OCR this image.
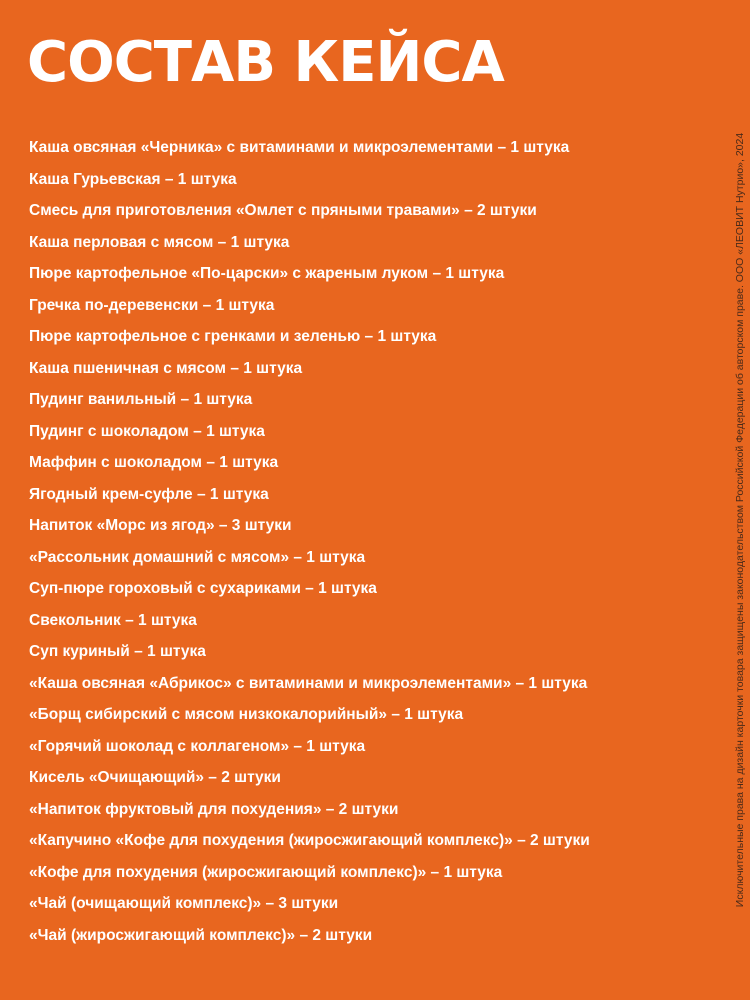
СОСТАВ КЕЙСА
Каша овсяная «Черника» с витаминами и микроэлементами – 1 штука
Каша Гурьевская – 1 штука
Смесь для приготовления «Омлет с пряными травами» – 2 штуки
Каша перловая с мясом – 1 штука
Пюре картофельное «По-царски» с жареным луком – 1 штука
Гречка по-деревенски – 1 штука
Пюре картофельное с гренками и зеленью – 1 штука
Каша пшеничная с мясом – 1 штука
Пудинг ванильный – 1 штука
Пудинг с шоколадом – 1 штука
Маффин с шоколадом – 1 штука
Ягодный крем-суфле – 1 штука
Напиток «Морс из ягод» – 3 штуки
«Рассольник домашний с мясом» – 1 штука
Суп-пюре гороховый с сухариками – 1 штука
Свекольник – 1 штука
Суп куриный – 1 штука
«Каша овсяная «Абрикос» с витаминами и микроэлементами» – 1 штука
«Борщ сибирский с мясом низкокалорийный» – 1 штука
«Горячий шоколад с коллагеном» – 1 штука
Кисель «Очищающий» – 2 штуки
«Напиток фруктовый для похудения» – 2 штуки
«Капучино «Кофе для похудения (жиросжигающий комплекс)» – 2 штуки
«Кофе для похудения (жиросжигающий комплекс)» – 1 штука
«Чай (очищающий комплекс)» – 3 штуки
«Чай (жиросжигающий комплекс)» – 2 штуки
Исключительные права на дизайн карточки товара защищены законодательством Российской Федерации об авторском праве. ООО «ЛЕОВИТ Нутрио», 2024
